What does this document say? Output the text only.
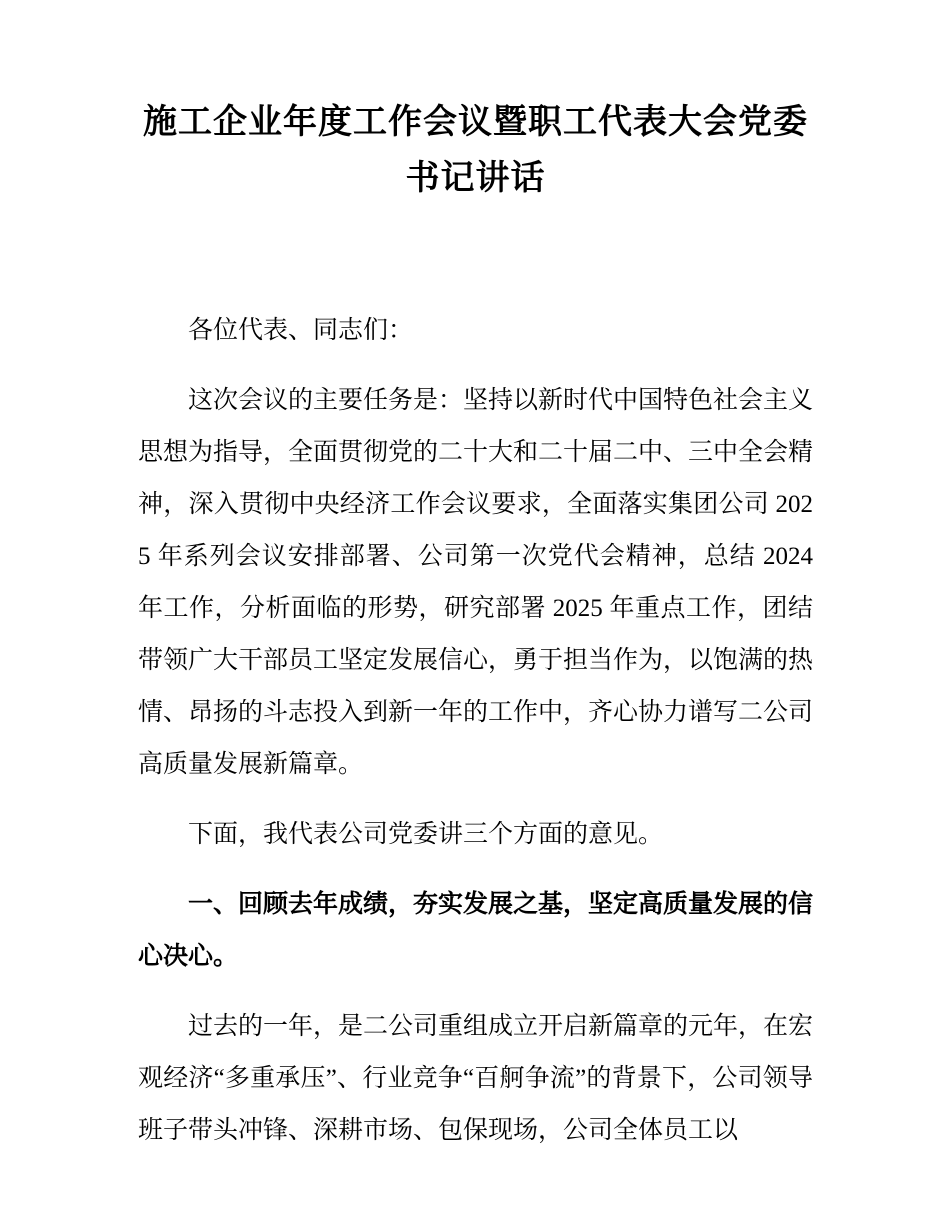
施工企业年度工作会议暨职工代表大会党委书记讲话

各位代表、同志们：

这次会议的主要任务是：坚持以新时代中国特色社会主义思想为指导，全面贯彻党的二十大和二十届二中、三中全会精神，深入贯彻中央经济工作会议要求，全面落实集团公司 2025 年系列会议安排部署、公司第一次党代会精神，总结 2024 年工作，分析面临的形势，研究部署 2025 年重点工作，团结带领广大干部员工坚定发展信心，勇于担当作为，以饱满的热情、昂扬的斗志投入到新一年的工作中，齐心协力谱写二公司高质量发展新篇章。

下面，我代表公司党委讲三个方面的意见。

一、回顾去年成绩，夯实发展之基，坚定高质量发展的信心决心。

过去的一年，是二公司重组成立开启新篇章的元年，在宏观经济“多重承压”、行业竞争“百舸争流”的背景下，公司领导班子带头冲锋、深耕市场、包保现场，公司全体员工以
